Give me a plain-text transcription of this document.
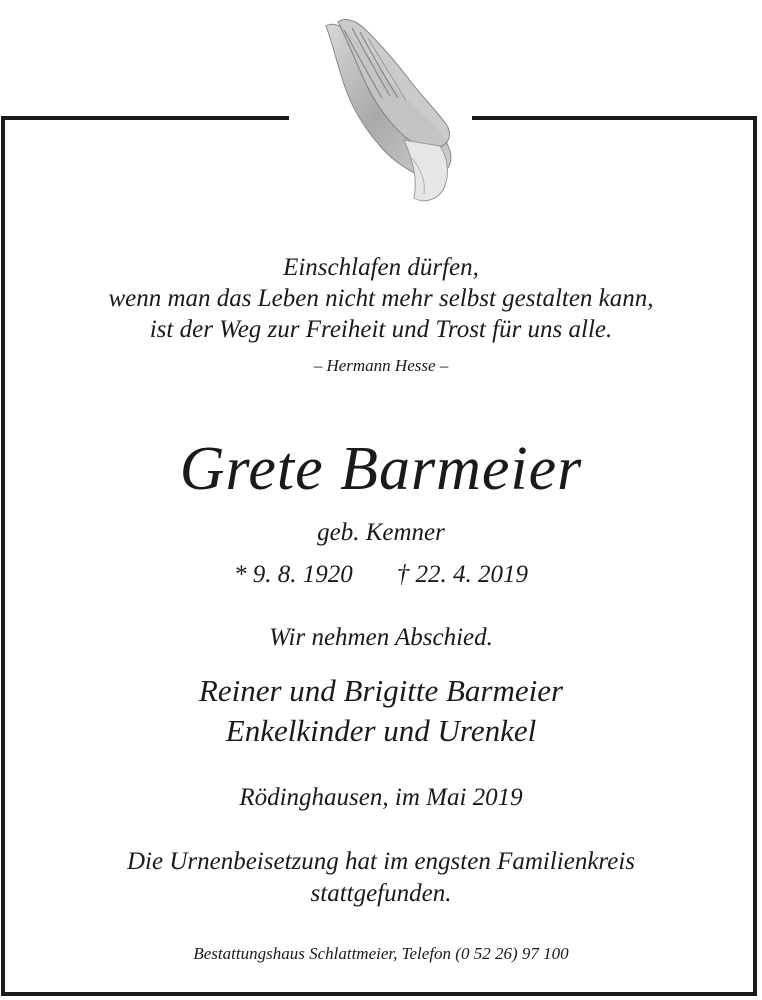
Einschlafen dürfen,
wenn man das Leben nicht mehr selbst gestalten kann,
ist der Weg zur Freiheit und Trost für uns alle.
– Hermann Hesse –
Grete Barmeier
geb. Kemner
* 9. 8. 1920 † 22. 4. 2019
Wir nehmen Abschied.
Reiner und Brigitte Barmeier
Enkelkinder und Urenkel
Rödinghausen, im Mai 2019
Die Urnenbeisetzung hat im engsten Familienkreis
stattgefunden.
Bestattungshaus Schlattmeier, Telefon (0 52 26) 97 100
